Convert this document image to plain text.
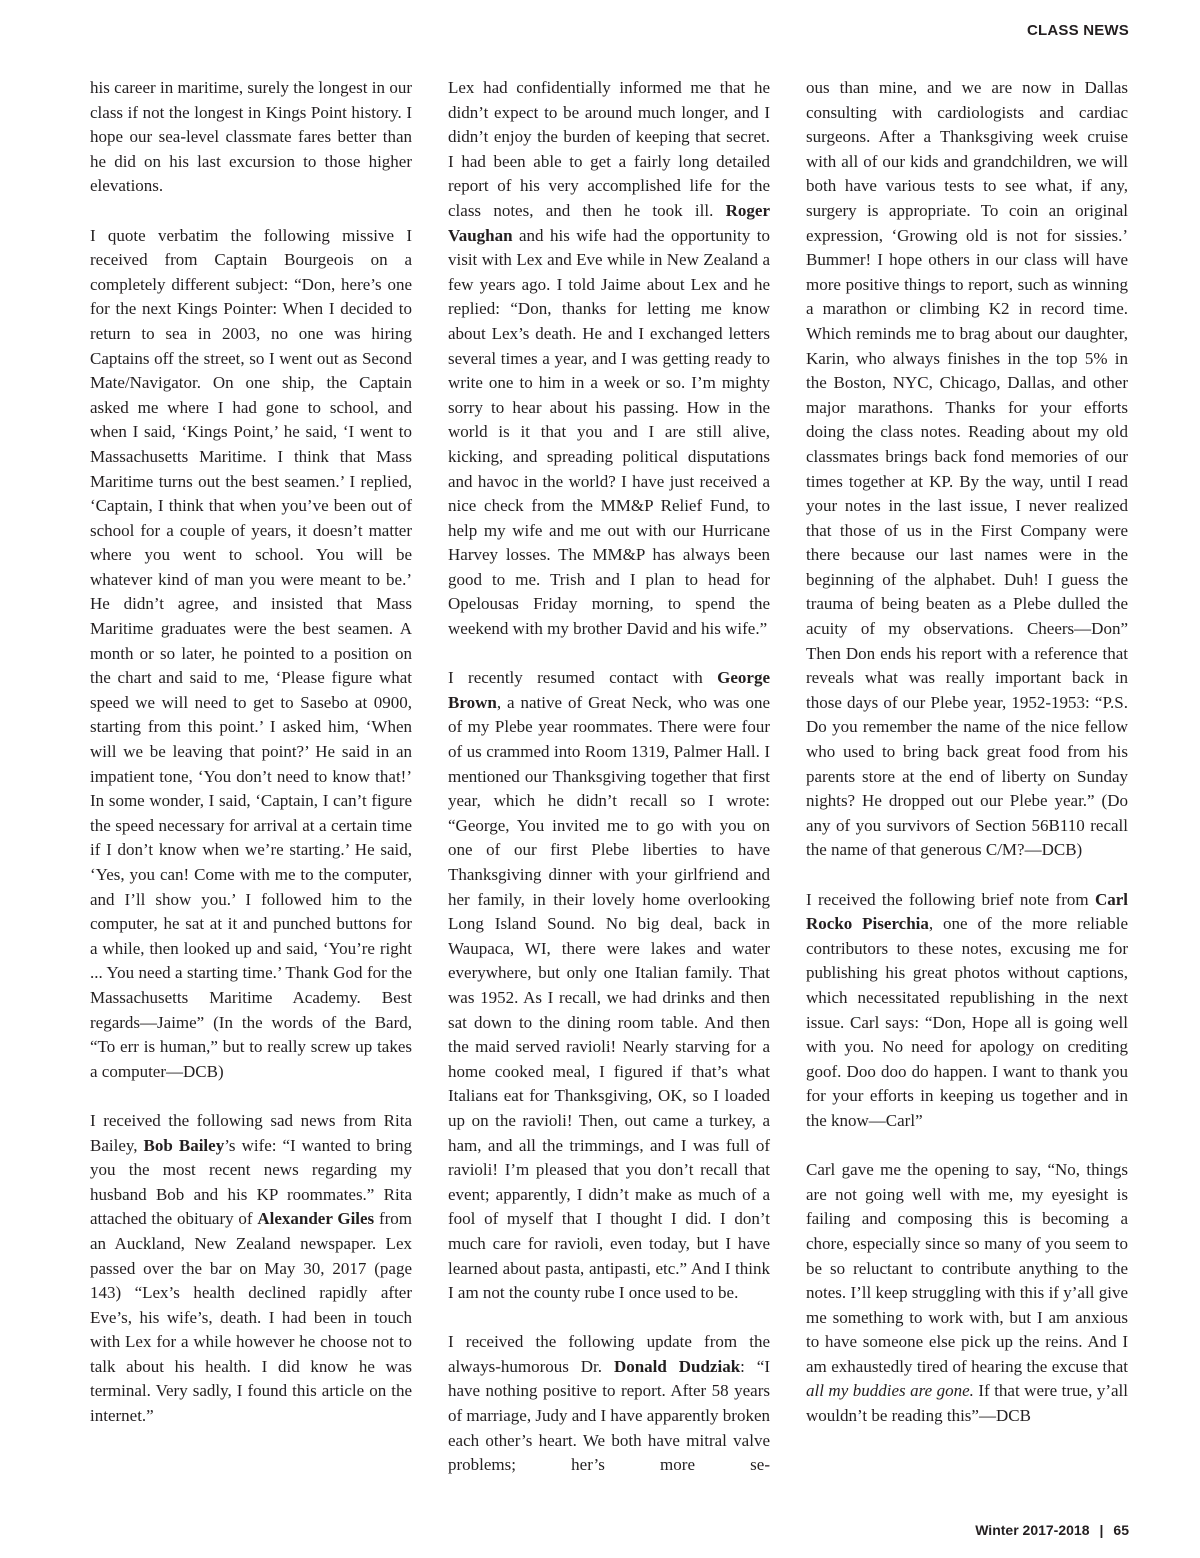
CLASS NEWS

his career in maritime, surely the longest in our class if not the longest in Kings Point history. I hope our sea-level classmate fares better than he did on his last excursion to those higher elevations.

I quote verbatim the following missive I received from Captain Bourgeois on a completely different subject: “Don, here’s one for the next Kings Pointer: When I decided to return to sea in 2003, no one was hiring Captains off the street, so I went out as Second Mate/Navigator. On one ship, the Captain asked me where I had gone to school, and when I said, ‘Kings Point,’ he said, ‘I went to Massachusetts Maritime. I think that Mass Maritime turns out the best seamen.’ I replied, ‘Captain, I think that when you’ve been out of school for a couple of years, it doesn’t matter where you went to school. You will be whatever kind of man you were meant to be.’ He didn’t agree, and insisted that Mass Maritime graduates were the best seamen. A month or so later, he pointed to a position on the chart and said to me, ‘Please figure what speed we will need to get to Sasebo at 0900, starting from this point.’ I asked him, ‘When will we be leaving that point?’ He said in an impatient tone, ‘You don’t need to know that!’ In some wonder, I said, ‘Captain, I can’t figure the speed necessary for arrival at a certain time if I don’t know when we’re starting.’ He said, ‘Yes, you can! Come with me to the computer, and I’ll show you.’ I followed him to the computer, he sat at it and punched buttons for a while, then looked up and said, ‘You’re right ... You need a starting time.’ Thank God for the Massachusetts Maritime Academy. Best regards—Jaime” (In the words of the Bard, “To err is human,” but to really screw up takes a computer—DCB)

I received the following sad news from Rita Bailey, Bob Bailey’s wife: “I wanted to bring you the most recent news regarding my husband Bob and his KP roommates.” Rita attached the obituary of Alexander Giles from an Auckland, New Zealand newspaper. Lex passed over the bar on May 30, 2017 (page 143) “Lex’s health declined rapidly after Eve’s, his wife’s, death. I had been in touch with Lex for a while however he choose not to talk about his health. I did know he was terminal. Very sadly, I found this article on the internet.”

Lex had confidentially informed me that he didn’t expect to be around much longer, and I didn’t enjoy the burden of keeping that secret. I had been able to get a fairly long detailed report of his very accomplished life for the class notes, and then he took ill. Roger Vaughan and his wife had the opportunity to visit with Lex and Eve while in New Zealand a few years ago. I told Jaime about Lex and he replied: “Don, thanks for letting me know about Lex’s death. He and I exchanged letters several times a year, and I was getting ready to write one to him in a week or so. I’m mighty sorry to hear about his passing. How in the world is it that you and I are still alive, kicking, and spreading political disputations and havoc in the world? I have just received a nice check from the MM&P Relief Fund, to help my wife and me out with our Hurricane Harvey losses. The MM&P has always been good to me. Trish and I plan to head for Opelousas Friday morning, to spend the weekend with my brother David and his wife.”

I recently resumed contact with George Brown, a native of Great Neck, who was one of my Plebe year roommates. There were four of us crammed into Room 1319, Palmer Hall. I mentioned our Thanksgiving together that first year, which he didn’t recall so I wrote: “George, You invited me to go with you on one of our first Plebe liberties to have Thanksgiving dinner with your girlfriend and her family, in their lovely home overlooking Long Island Sound. No big deal, back in Waupaca, WI, there were lakes and water everywhere, but only one Italian family. That was 1952. As I recall, we had drinks and then sat down to the dining room table. And then the maid served ravioli! Nearly starving for a home cooked meal, I figured if that’s what Italians eat for Thanksgiving, OK, so I loaded up on the ravioli! Then, out came a turkey, a ham, and all the trimmings, and I was full of ravioli! I’m pleased that you don’t recall that event; apparently, I didn’t make as much of a fool of myself that I thought I did. I don’t much care for ravioli, even today, but I have learned about pasta, antipasti, etc.” And I think I am not the county rube I once used to be.

I received the following update from the always-humorous Dr. Donald Dudziak: “I have nothing positive to report. After 58 years of marriage, Judy and I have apparently broken each other’s heart. We both have mitral valve problems; her’s more se-

ous than mine, and we are now in Dallas consulting with cardiologists and cardiac surgeons. After a Thanksgiving week cruise with all of our kids and grandchildren, we will both have various tests to see what, if any, surgery is appropriate. To coin an original expression, ‘Growing old is not for sissies.’ Bummer! I hope others in our class will have more positive things to report, such as winning a marathon or climbing K2 in record time. Which reminds me to brag about our daughter, Karin, who always finishes in the top 5% in the Boston, NYC, Chicago, Dallas, and other major marathons. Thanks for your efforts doing the class notes. Reading about my old classmates brings back fond memories of our times together at KP. By the way, until I read your notes in the last issue, I never realized that those of us in the First Company were there because our last names were in the beginning of the alphabet. Duh! I guess the trauma of being beaten as a Plebe dulled the acuity of my observations. Cheers—Don” Then Don ends his report with a reference that reveals what was really important back in those days of our Plebe year, 1952-1953: “P.S. Do you remember the name of the nice fellow who used to bring back great food from his parents store at the end of liberty on Sunday nights? He dropped out our Plebe year.” (Do any of you survivors of Section 56B110 recall the name of that generous C/M?—DCB)

I received the following brief note from Carl Rocko Piserchia, one of the more reliable contributors to these notes, excusing me for publishing his great photos without captions, which necessitated republishing in the next issue. Carl says: “Don, Hope all is going well with you. No need for apology on crediting goof. Doo doo do happen. I want to thank you for your efforts in keeping us together and in the know—Carl”

Carl gave me the opening to say, “No, things are not going well with me, my eyesight is failing and composing this is becoming a chore, especially since so many of you seem to be so reluctant to contribute anything to the notes. I’ll keep struggling with this if y’all give me something to work with, but I am anxious to have someone else pick up the reins. And I am exhaustedly tired of hearing the excuse that all my buddies are gone. If that were true, y’all wouldn’t be reading this”—DCB

Winter 2017-2018 | 65
